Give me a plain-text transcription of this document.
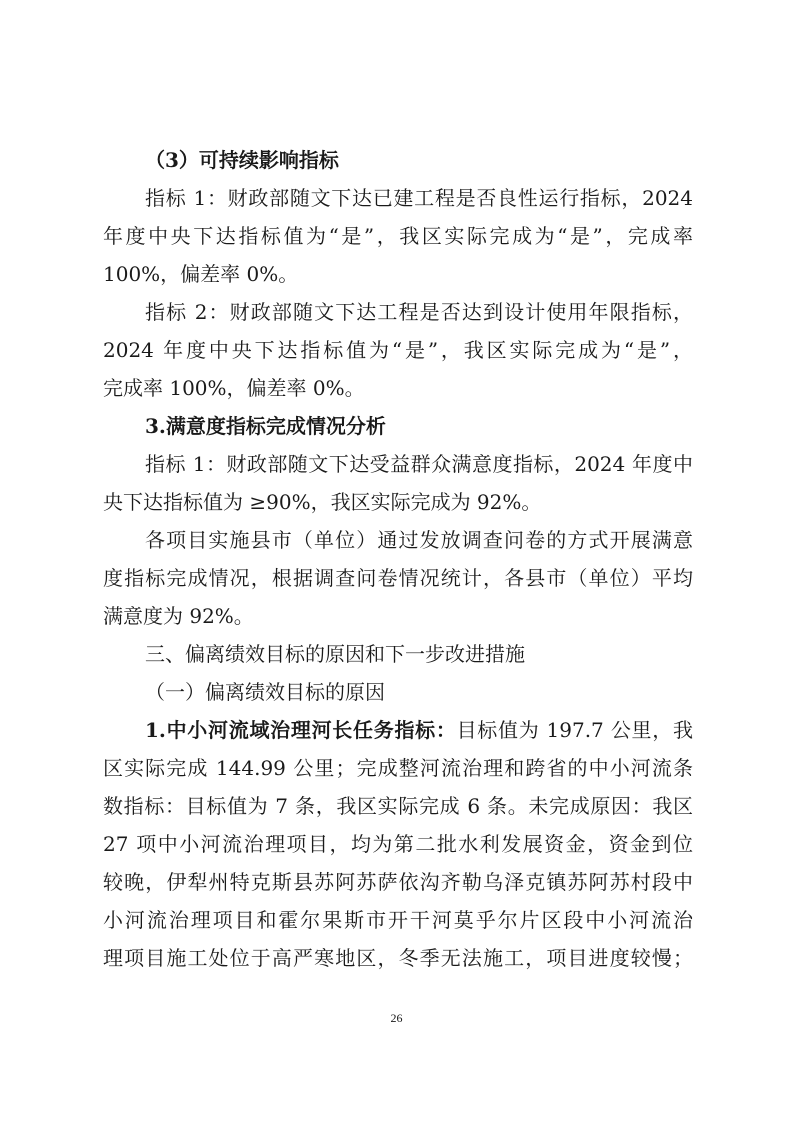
（3）可持续影响指标
指标 1：财政部随文下达已建工程是否良性运行指标，2024
年度中央下达指标值为“是”，我区实际完成为“是”，完成率
100%，偏差率 0%。
指标 2：财政部随文下达工程是否达到设计使用年限指标，
2024 年度中央下达指标值为“是”，我区实际完成为“是”，
完成率 100%，偏差率 0%。
3.满意度指标完成情况分析
指标 1：财政部随文下达受益群众满意度指标，2024 年度中
央下达指标值为 ≥90%，我区实际完成为 92%。
各项目实施县市（单位）通过发放调查问卷的方式开展满意
度指标完成情况，根据调查问卷情况统计，各县市（单位）平均
满意度为 92%。
三、偏离绩效目标的原因和下一步改进措施
（一）偏离绩效目标的原因
1.中小河流域治理河长任务指标：目标值为 197.7 公里，我
区实际完成 144.99 公里；完成整河流治理和跨省的中小河流条
数指标：目标值为 7 条，我区实际完成 6 条。未完成原因：我区
27 项中小河流治理项目，均为第二批水利发展资金，资金到位
较晚，伊犁州特克斯县苏阿苏萨依沟齐勒乌泽克镇苏阿苏村段中
小河流治理项目和霍尔果斯市开干河莫乎尔片区段中小河流治
理项目施工处位于高严寒地区，冬季无法施工，项目进度较慢；
26
